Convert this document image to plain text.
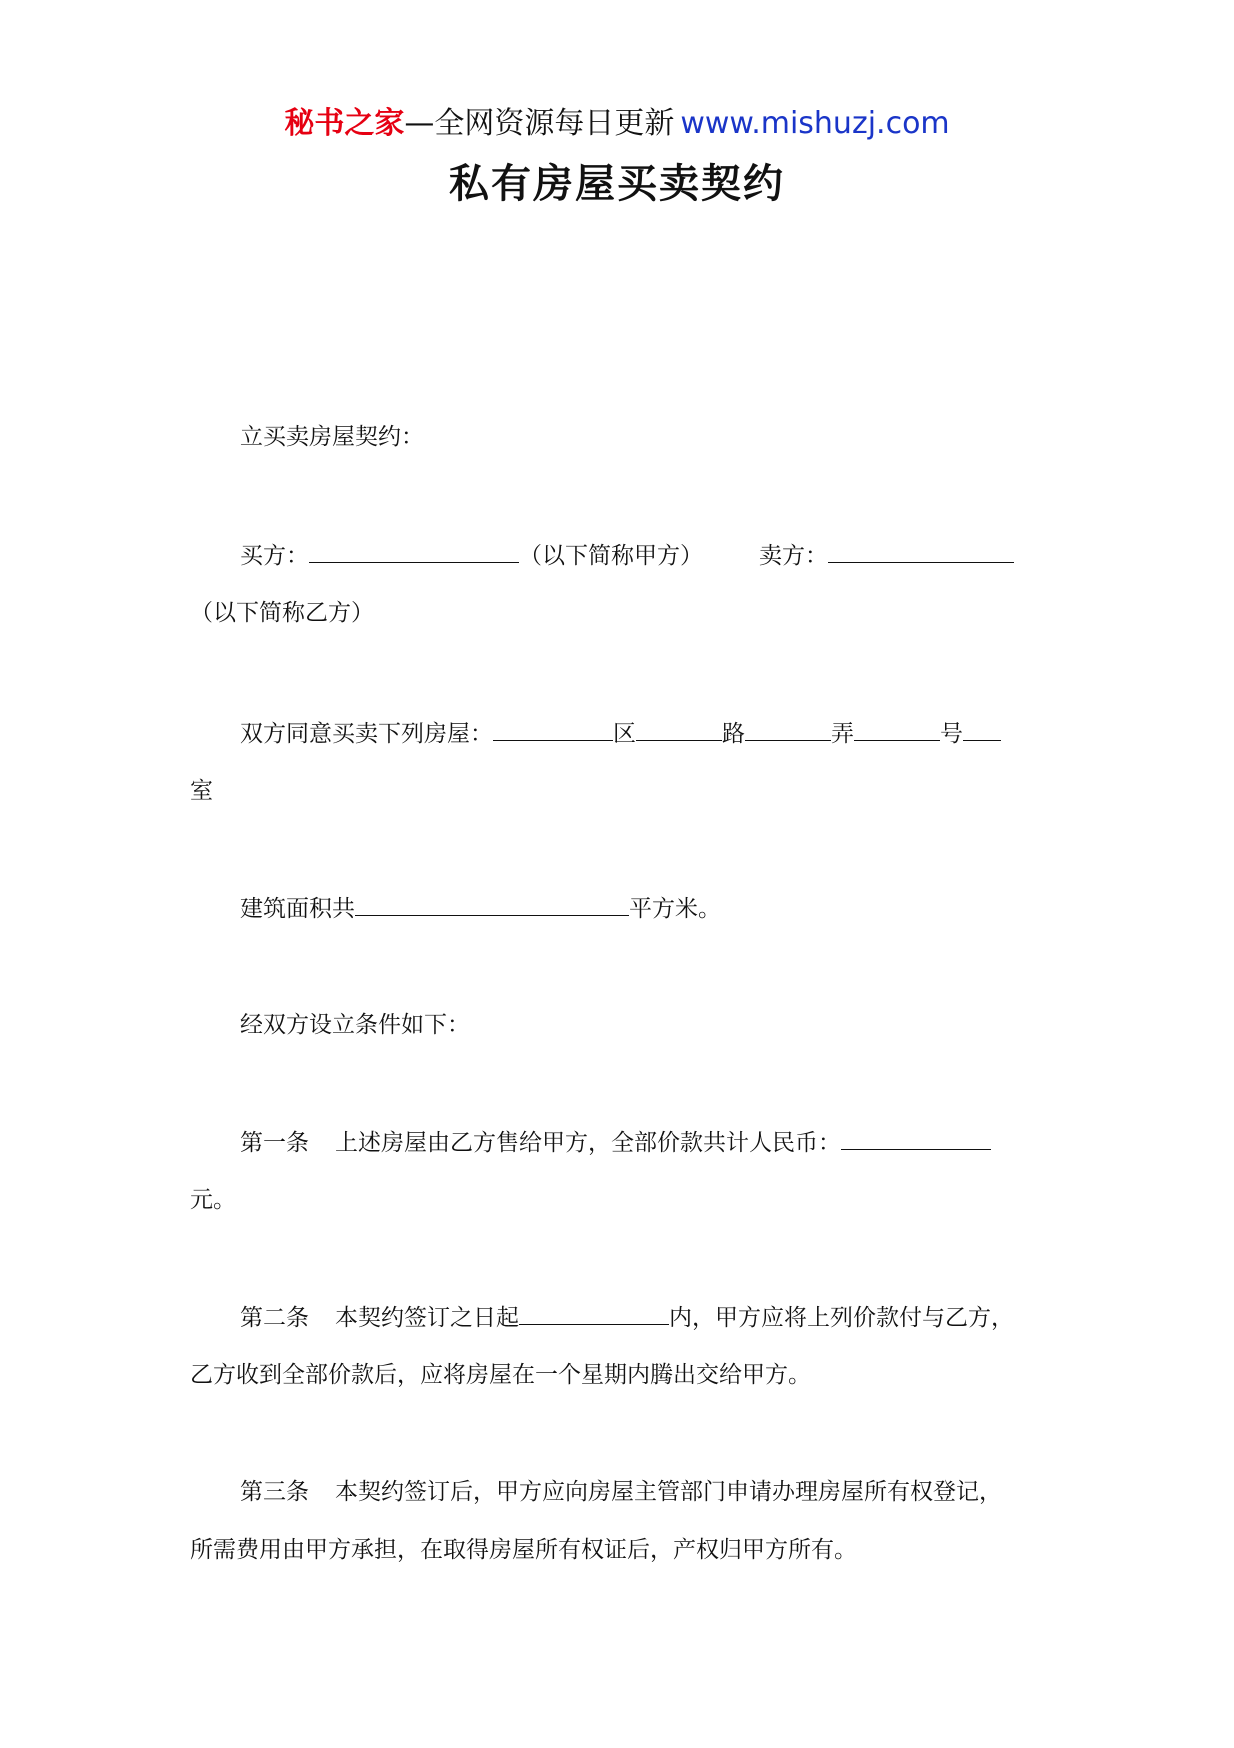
秘书之家—全网资源每日更新 www.mishuzj.com
私有房屋买卖契约
立买卖房屋契约：
买方：	（以下简称甲方） 卖方：
（以下简称乙方）
双方同意买卖下列房屋：	区	路	弄	号
室
建筑面积共	平方米。
经双方设立条件如下：
第一条 上述房屋由乙方售给甲方，全部价款共计人民币：
元。
第二条 本契约签订之日起	内，甲方应将上列价款付与乙方，
乙方收到全部价款后，应将房屋在一个星期内腾出交给甲方。
第三条 本契约签订后，甲方应向房屋主管部门申请办理房屋所有权登记，
所需费用由甲方承担，在取得房屋所有权证后，产权归甲方所有。
